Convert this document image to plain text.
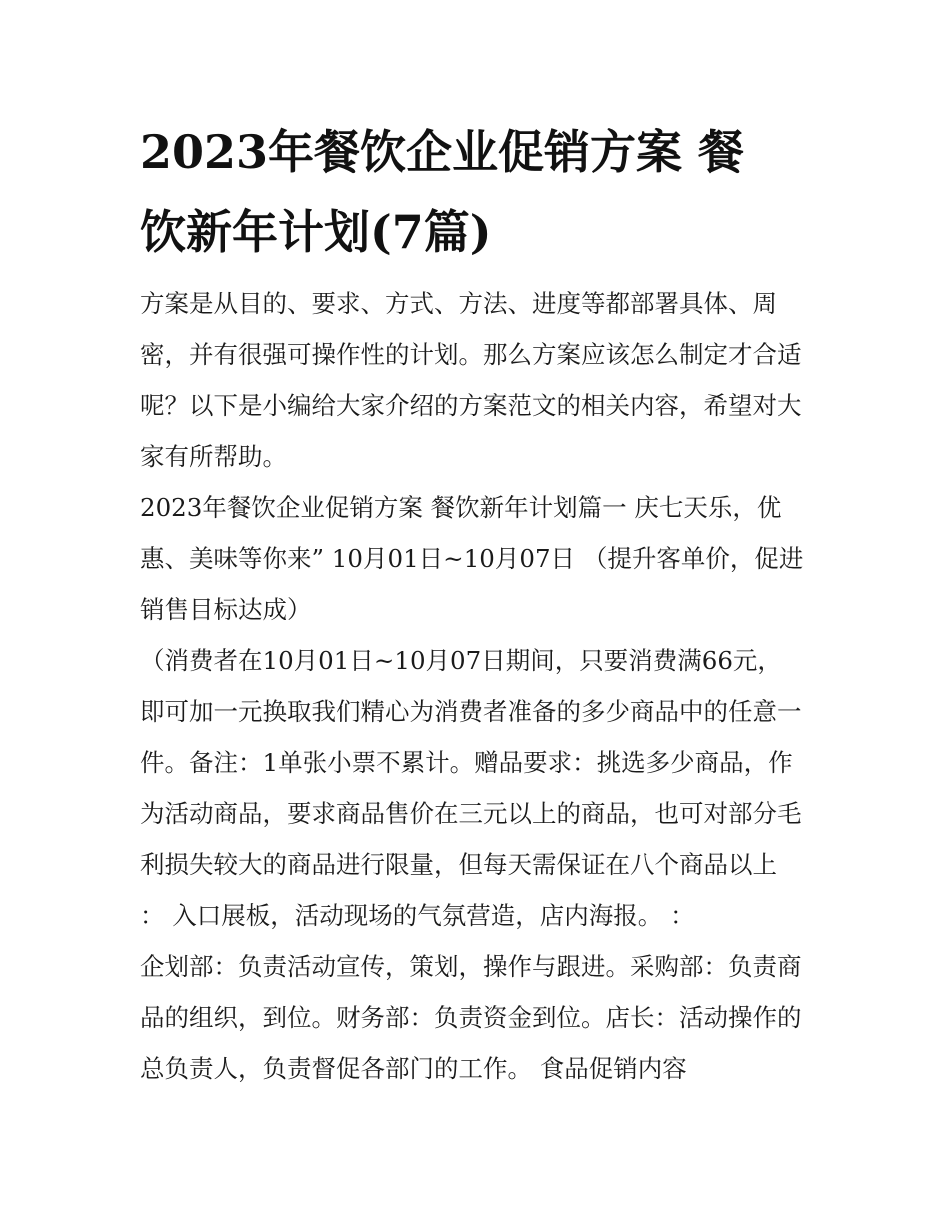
2023年餐饮企业促销方案 餐
饮新年计划(7篇)
方案是从目的、要求、方式、方法、进度等都部署具体、周
密，并有很强可操作性的计划。那么方案应该怎么制定才合适
呢？以下是小编给大家介绍的方案范文的相关内容，希望对大
家有所帮助。
2023年餐饮企业促销方案 餐饮新年计划篇一 庆七天乐，优
惠、美味等你来” 10月01日~10月07日 （提升客单价，促进
销售目标达成）
（消费者在10月01日~10月07日期间，只要消费满66元，
即可加一元换取我们精心为消费者准备的多少商品中的任意一
件。备注：1单张小票不累计。赠品要求：挑选多少商品，作
为活动商品，要求商品售价在三元以上的商品，也可对部分毛
利损失较大的商品进行限量，但每天需保证在八个商品以上
： 入口展板，活动现场的气氛营造，店内海报。 ：
企划部：负责活动宣传，策划，操作与跟进。采购部：负责商
品的组织，到位。财务部：负责资金到位。店长：活动操作的
总负责人，负责督促各部门的工作。 食品促销内容
